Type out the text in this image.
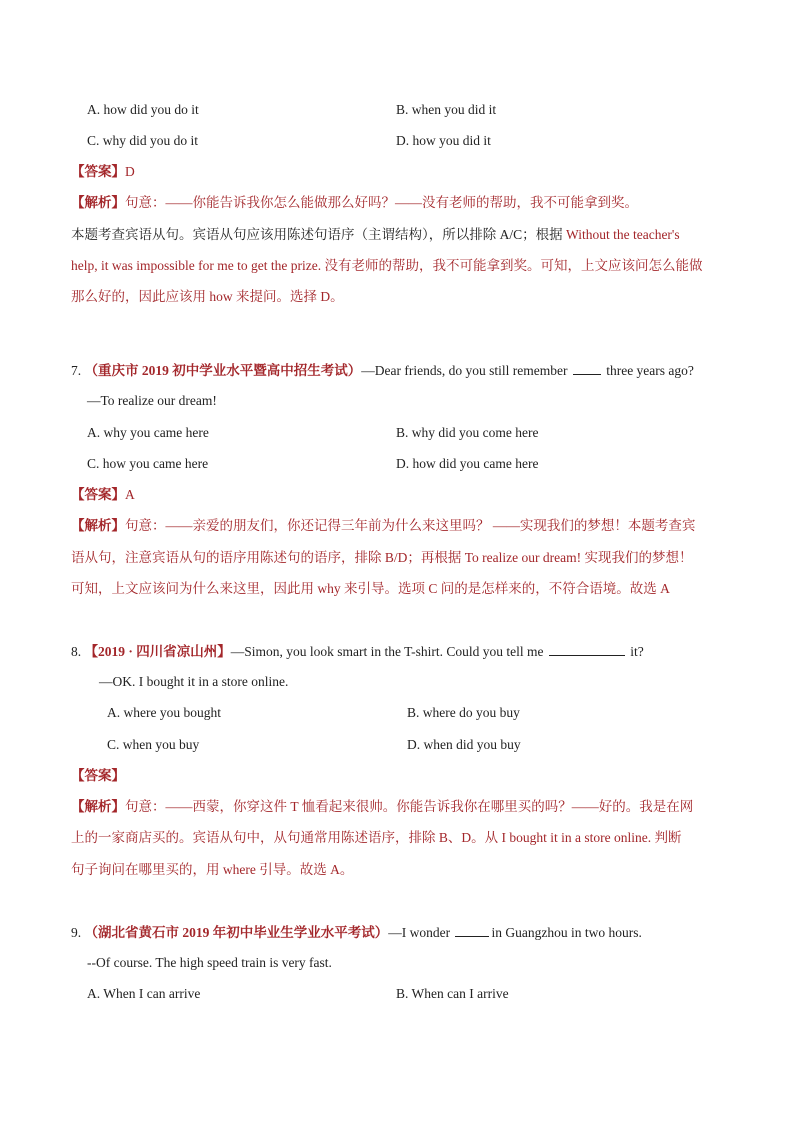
A. how did you do it	B. when you did it
C. why did you do it	D. how you did it
【答案】D
【解析】句意：——你能告诉我你怎么能做那么好吗？——没有老师的帮助，我不可能拿到奖。
本题考查宾语从句。宾语从句应该用陈述句语序（主谓结构），所以排除 A/C；根据 Without the teacher's
help, it was impossible for me to get the prize. 没有老师的帮助，我不可能拿到奖。可知，上文应该问怎么能做
那么好的，因此应该用 how 来提问。选择 D。
7. （重庆市 2019 初中学业水平暨高中招生考试）—Dear friends, do you still remember  three years ago?
—To realize our dream!
A. why you came here	B. why did you come here
C. how you came here	D. how did you came here
【答案】A
【解析】句意：——亲爱的朋友们，你还记得三年前为什么来这里吗？ ——实现我们的梦想！本题考查宾
语从句，注意宾语从句的语序用陈述句的语序，排除 B/D；再根据 To realize our dream! 实现我们的梦想！
可知，上文应该问为什么来这里，因此用 why 来引导。选项 C 问的是怎样来的，不符合语境。故选 A
8. 【2019 · 四川省凉山州】—Simon, you look smart in the T-shirt. Could you tell me	it?
—OK. I bought it in a store online.
A. where you bought	B. where do you buy
C. when you buy	D. when did you buy
【答案】
【解析】句意：——西蒙，你穿这件 T 恤看起来很帅。你能告诉我你在哪里买的吗？——好的。我是在网
上的一家商店买的。宾语从句中，从句通常用陈述语序，排除 B、D。从 I bought it in a store online. 判断
句子询问在哪里买的，用 where 引导。故选 A。
9. （湖北省黄石市 2019 年初中毕业生学业水平考试）—I wonder	in Guangzhou in two hours.
--Of course. The high speed train is very fast.
A. When I can arrive	B. When can I arrive
